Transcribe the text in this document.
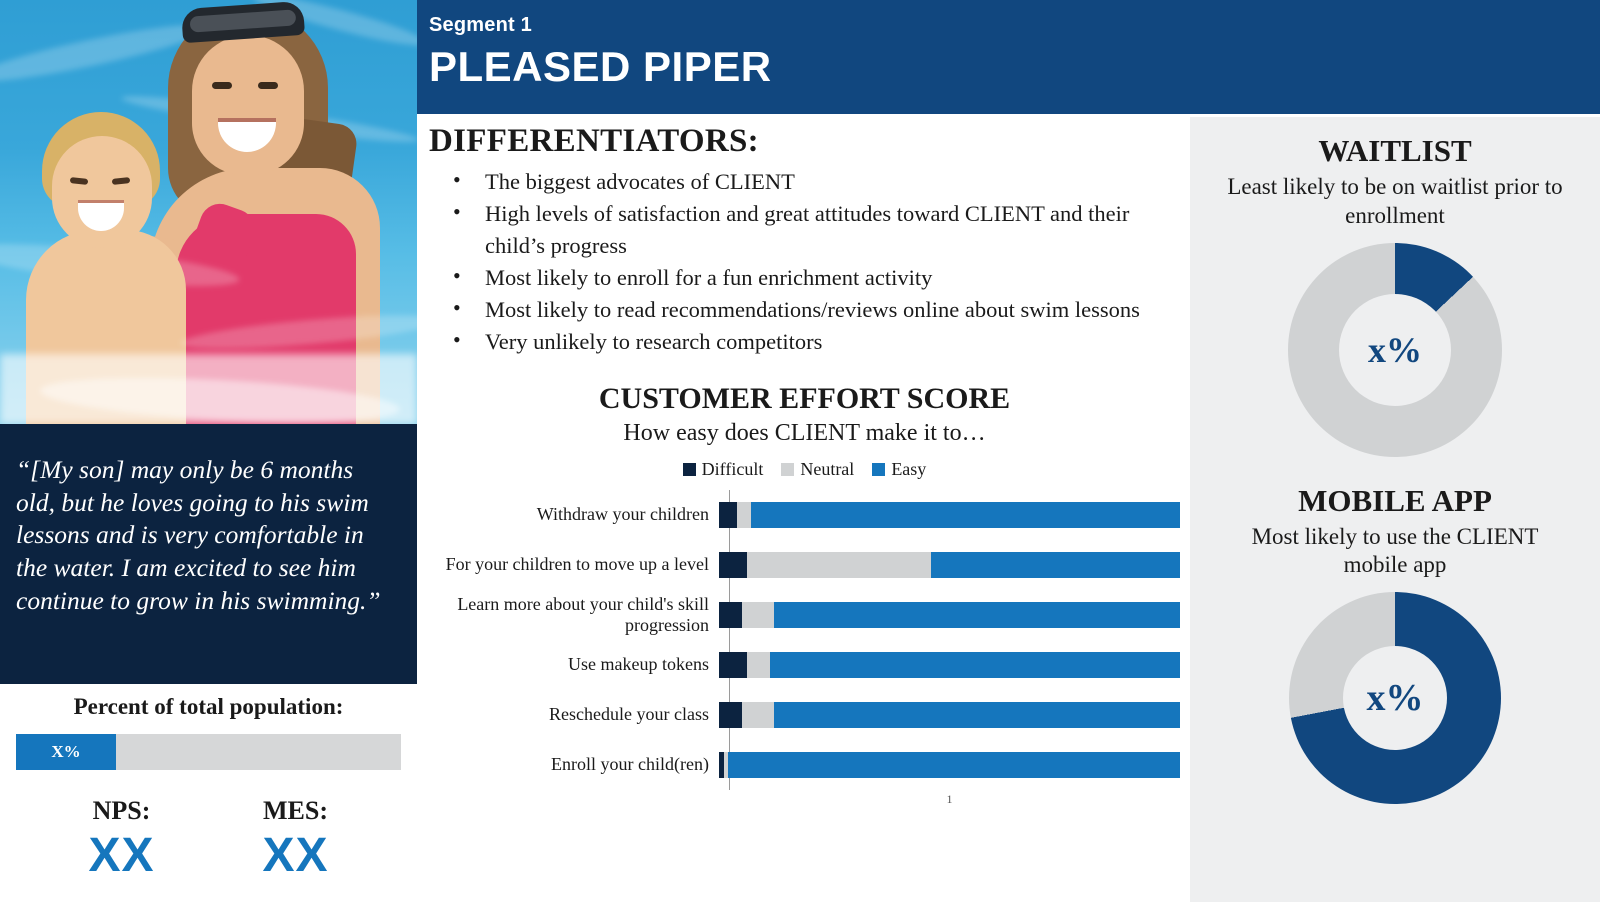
“[My son] may only be 6 months old, but he loves going to his swim lessons and is very comfortable in the water. I am excited to see him continue to grow in his swimming.”
Percent of total population:
X%
NPS:
XX
MES:
XX
Segment 1
PLEASED PIPER
DIFFERENTIATORS:
• The biggest advocates of CLIENT
• High levels of satisfaction and great attitudes toward CLIENT and their child’s progress
• Most likely to enroll for a fun enrichment activity
• Most likely to read recommendations/reviews online about swim lessons
• Very unlikely to research competitors
CUSTOMER EFFORT SCORE
How easy does CLIENT make it to…
Difficult Neutral Easy
Withdraw your children
For your children to move up a level
Learn more about your child's skill progression
Use makeup tokens
Reschedule your class
Enroll your child(ren)
1
WAITLIST
Least likely to be on waitlist prior to enrollment
x%
MOBILE APP
Most likely to use the CLIENT mobile app
x%
